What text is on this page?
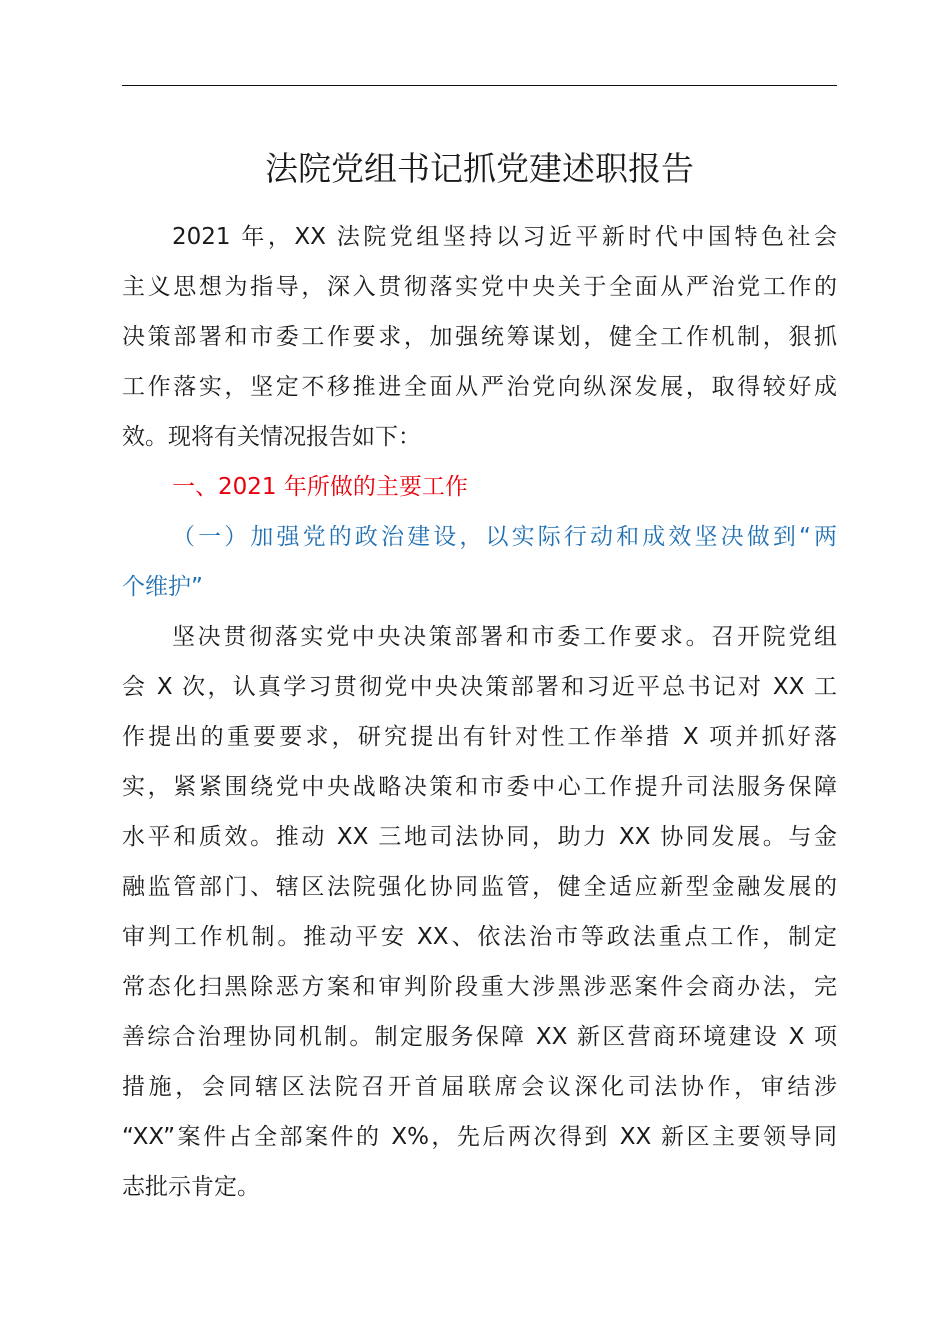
法院党组书记抓党建述职报告
2021 年，XX 法院党组坚持以习近平新时代中国特色社会
主义思想为指导，深入贯彻落实党中央关于全面从严治党工作的
决策部署和市委工作要求，加强统筹谋划，健全工作机制，狠抓
工作落实，坚定不移推进全面从严治党向纵深发展，取得较好成
效。现将有关情况报告如下：
一、2021 年所做的主要工作
（一）加强党的政治建设，以实际行动和成效坚决做到“两
个维护”
坚决贯彻落实党中央决策部署和市委工作要求。召开院党组
会 X 次，认真学习贯彻党中央决策部署和习近平总书记对 XX 工
作提出的重要要求，研究提出有针对性工作举措 X 项并抓好落
实，紧紧围绕党中央战略决策和市委中心工作提升司法服务保障
水平和质效。推动 XX 三地司法协同，助力 XX 协同发展。与金
融监管部门、辖区法院强化协同监管，健全适应新型金融发展的
审判工作机制。推动平安 XX、依法治市等政法重点工作，制定
常态化扫黑除恶方案和审判阶段重大涉黑涉恶案件会商办法，完
善综合治理协同机制。制定服务保障 XX 新区营商环境建设 X 项
措施，会同辖区法院召开首届联席会议深化司法协作，审结涉
“XX”案件占全部案件的 X%，先后两次得到 XX 新区主要领导同
志批示肯定。
